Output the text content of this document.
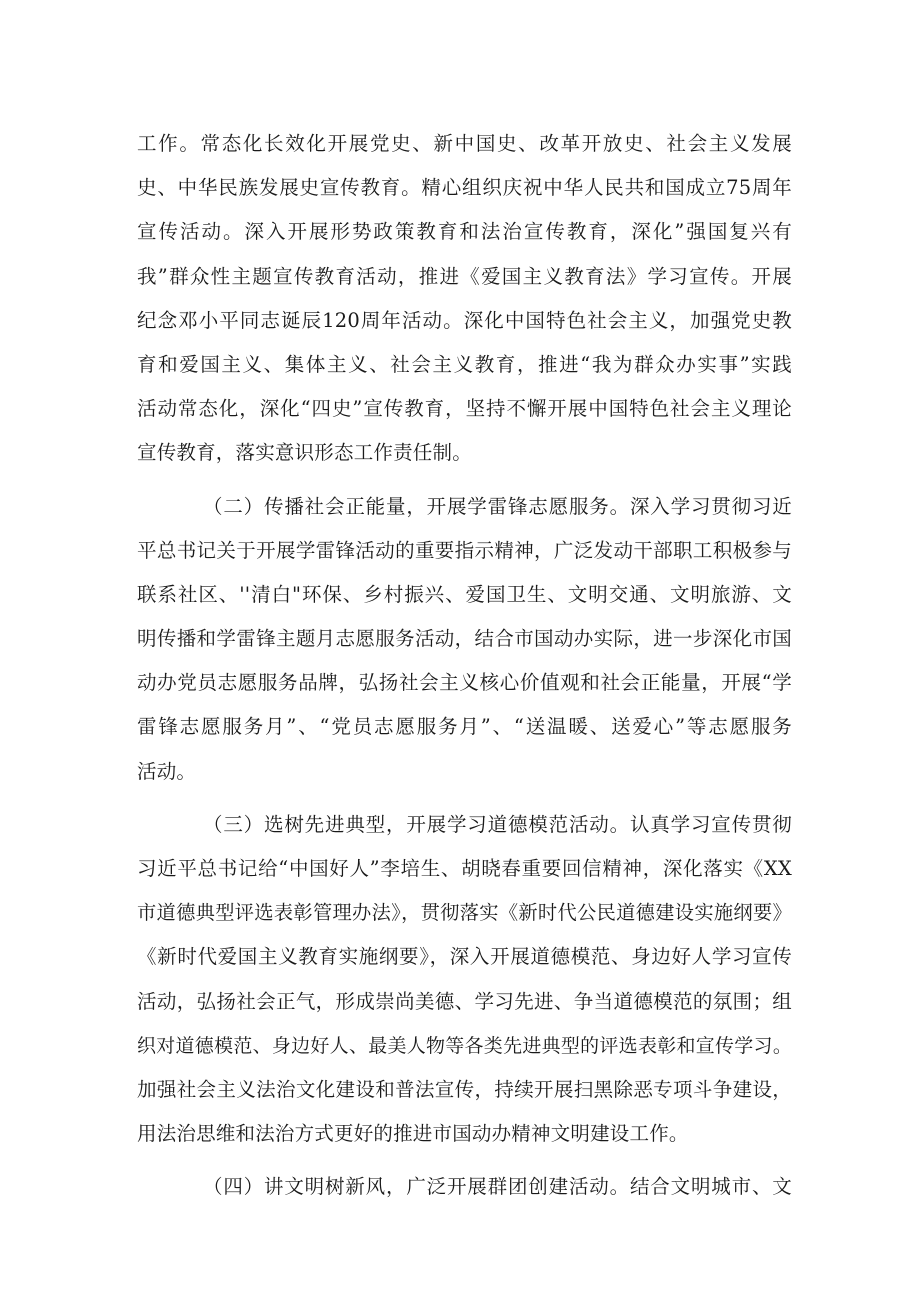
工作。常态化长效化开展党史、新中国史、改革开放史、社会主义发展
史、中华民族发展史宣传教育。精心组织庆祝中华人民共和国成立75周年
宣传活动。深入开展形势政策教育和法治宣传教育，深化”强国复兴有
我”群众性主题宣传教育活动，推进《爱国主义教育法》学习宣传。开展
纪念邓小平同志诞辰120周年活动。深化中国特色社会主义，加强党史教
育和爱国主义、集体主义、社会主义教育，推进“我为群众办实事”实践
活动常态化，深化“四史”宣传教育，坚持不懈开展中国特色社会主义理论
宣传教育，落实意识形态工作责任制。
（二）传播社会正能量，开展学雷锋志愿服务。深入学习贯彻习近
平总书记关于开展学雷锋活动的重要指示精神，广泛发动干部职工积极参与
联系社区、''清白"环保、乡村振兴、爱国卫生、文明交通、文明旅游、文
明传播和学雷锋主题月志愿服务活动，结合市国动办实际，进一步深化市国
动办党员志愿服务品牌，弘扬社会主义核心价值观和社会正能量，开展“学
雷锋志愿服务月”、“党员志愿服务月”、“送温暖、送爱心”等志愿服务
活动。
（三）选树先进典型，开展学习道德模范活动。认真学习宣传贯彻
习近平总书记给“中国好人”李培生、胡晓春重要回信精神，深化落实《XX
市道德典型评选表彰管理办法》，贯彻落实《新时代公民道德建设实施纲要》
《新时代爱国主义教育实施纲要》，深入开展道德模范、身边好人学习宣传
活动，弘扬社会正气，形成崇尚美德、学习先进、争当道德模范的氛围；组
织对道德模范、身边好人、最美人物等各类先进典型的评选表彰和宣传学习。
加强社会主义法治文化建设和普法宣传，持续开展扫黑除恶专项斗争建设，
用法治思维和法治方式更好的推进市国动办精神文明建设工作。
（四）讲文明树新风，广泛开展群团创建活动。结合文明城市、文
